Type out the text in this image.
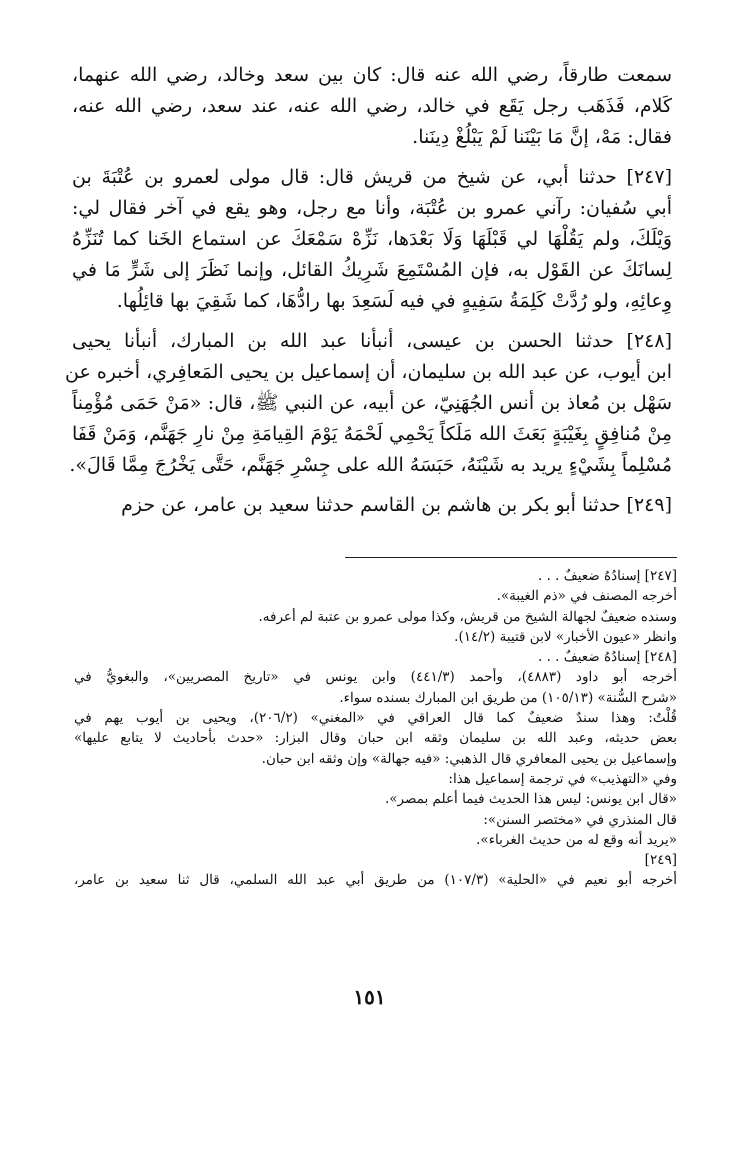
سمعت طارقاً، رضي الله عنه قال: كان بين سعد وخالد، رضي الله عنهما،
كَلام، فَذَهَب رجل يَقَع في خالد، رضي الله عنه، عند سعد، رضي الله عنه،
فقال: مَهْ، إنَّ مَا بَيْنَنا لَمْ يَبْلُغْ دِينَنا.
[٢٤٧] حدثنا أبي، عن شيخ من قريش قال: قال مولى لعمرو بن عُتْبَةَ بن
أبي سُفيان: رآني عمرو بن عُتْبَة، وأنا مع رجل، وهو يقع في آخر فقال لي:
وَيْلَكَ، ولم يَقُلْهَا لي قَبْلَهَا وَلَا بَعْدَها، نَزِّهْ سَمْعَكَ عن استماع الخَنا كما تُنَزِّهُ
لِسانَكَ عن القَوْل به، فإن المُسْتَمِعَ شَرِيكُ القائل، وإنما نَظَرَ إلى شَرٍّ مَا في
وِعائِهِ، ولو رُدَّتْ كَلِمَةُ سَفِيهٍ في فيه لَسَعِدَ بها رادُّهَا، كما شَقِيَ بها قائِلُها.
[٢٤٨] حدثنا الحسن بن عيسى، أنبأنا عبد الله بن المبارك، أنبأنا يحيى
ابن أيوب، عن عبد الله بن سليمان، أن إسماعيل بن يحيى المَعافِري، أخبره عن
سَهْل بن مُعاذ بن أنس الجُهَنِيّ، عن أبيه، عن النبي ﷺ، قال: «مَنْ حَمَى مُؤْمِناً
مِنْ مُنافِقٍ بِغَيْبَةٍ بَعَثَ الله مَلَكاً يَحْمِي لَحْمَهُ يَوْمَ القِيامَةِ مِنْ نارِ جَهَنَّم، وَمَنْ قَفَا
مُسْلِماً بِشَيْءٍ يريد به شَيْنَهُ، حَبَسَهُ الله على جِسْرِ جَهَنَّم، حَتَّى يَخْرُجَ مِمَّا قَالَ».
[٢٤٩] حدثنا أبو بكر بن هاشم بن القاسم حدثنا سعيد بن عامر، عن حزم
[٢٤٧] إسنادُهُ ضعيفٌ . . .
أخرجه المصنف في «ذم الغيبة».
وسنده ضعيفٌ لجهالة الشيخ من قريش، وكذا مولى عمرو بن عتبة لم أعرفه.
وانظر «عيون الأخبار» لابن قتيبة (١٤/٢).
[٢٤٨] إسنادُهُ ضعيفٌ . . .
أخرجه أبو داود (٤٨٨٣)، وأحمد (٤٤١/٣) وابن يونس في «تاريخ المصريين»، والبغويُّ في
«شرح السُّنة» (١٠٥/١٣) من طريق ابن المبارك بسنده سواء.
قُلْتُ: وهذا سندٌ ضعيفٌ كما قال العراقي في «المغني» (٢٠٦/٢)، ويحيى بن أيوب يهم في
بعض حديثه، وعبد الله بن سليمان وثقه ابن حبان وقال البزار: «حدث بأحاديث لا يتابع عليها»
وإسماعيل بن يحيى المعافري قال الذهبي: «فيه جهالة» وإن وثقه ابن حبان.
وفي «التهذيب» في ترجمة إسماعيل هذا:
«قال ابن يونس: ليس هذا الحديث فيما أعلم بمصر».
قال المنذري في «مختصر السنن»:
«يريد أنه وقع له من حديث الغرباء».
[٢٤٩]
أخرجه أبو نعيم في «الحلية» (١٠٧/٣) من طريق أبي عبد الله السلمي، قال ثنا سعيد بن عامر،
١٥١
